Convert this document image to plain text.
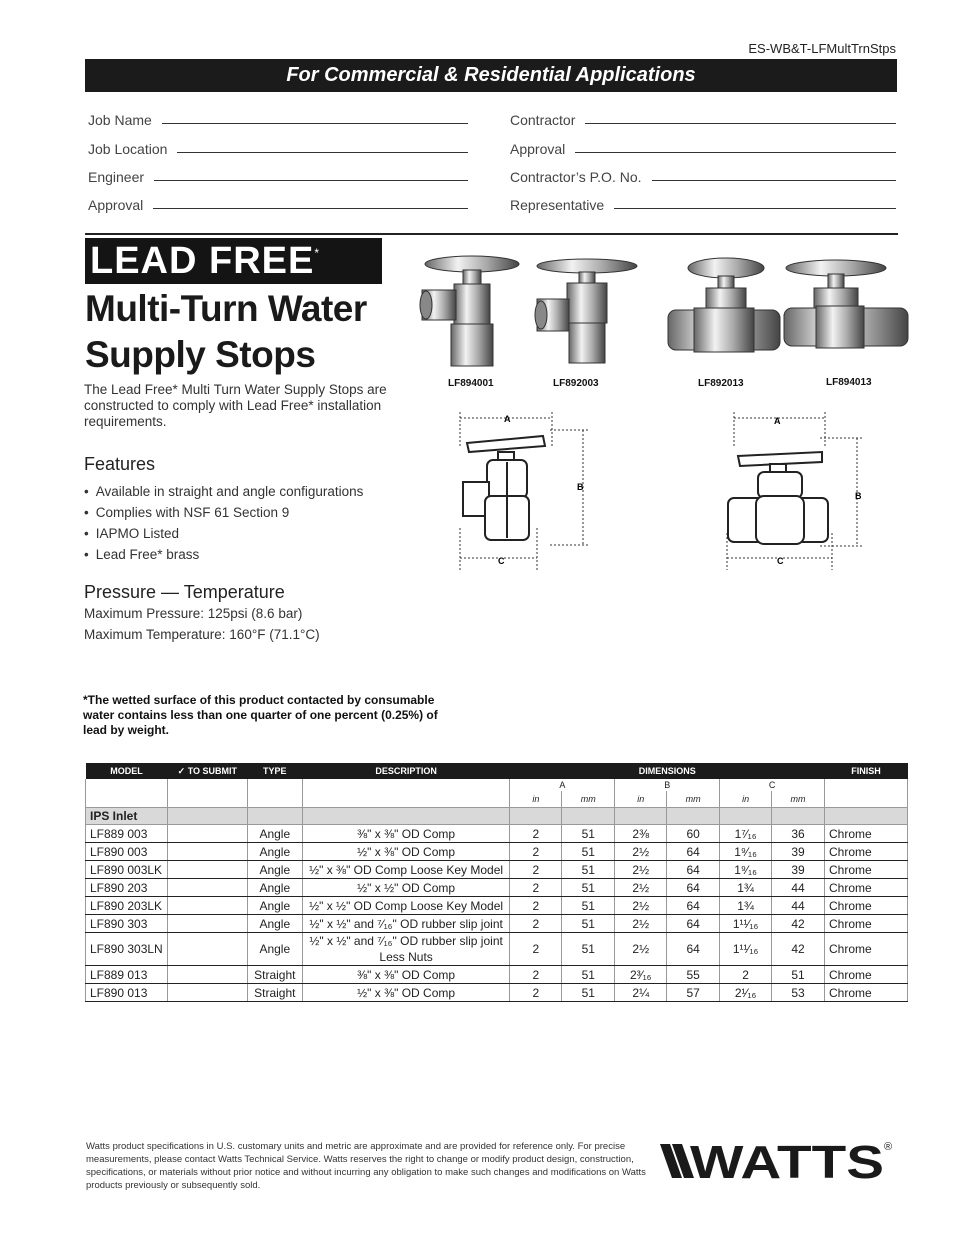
ES-WB&T-LFMultTrnStps
For Commercial & Residential Applications
Job Name
Job Location
Engineer
Approval
Contractor
Approval
Contractor’s P.O. No.
Representative
LEAD FREE*
Multi-Turn Water
Supply Stops
The Lead Free* Multi Turn Water Supply Stops are constructed to comply with Lead Free* installation requirements.
Features
• Available in straight and angle configurations
• Complies with NSF 61 Section 9
• IAPMO Listed
• Lead Free* brass
Pressure — Temperature
Maximum Pressure: 125psi (8.6 bar)
Maximum Temperature: 160°F (71.1°C)
*The wetted surface of this product contacted by consumable water contains less than one quarter of one percent (0.25%) of lead by weight.
LF894001	LF892003	LF892013	LF894013
A
B
C
A
B
C
MODEL	✓ TO SUBMIT	TYPE	DESCRIPTION	DIMENSIONS						FINISH
				A		B		C		
				in	mm	in	mm	in	mm	
IPS Inlet										
LF889 003		Angle	⅜" x ⅜" OD Comp	2	51	2⅜	60	1⁷⁄₁₆	36	Chrome
LF890 003		Angle	½" x ⅜" OD Comp	2	51	2½	64	1⁹⁄₁₆	39	Chrome
LF890 003LK		Angle	½" x ⅜" OD Comp Loose Key Model	2	51	2½	64	1⁹⁄₁₆	39	Chrome
LF890 203		Angle	½" x ½" OD Comp	2	51	2½	64	1¾	44	Chrome
LF890 203LK		Angle	½" x ½" OD Comp Loose Key Model	2	51	2½	64	1¾	44	Chrome
LF890 303		Angle	½" x ½" and ⁷⁄₁₆" OD rubber slip joint	2	51	2½	64	1¹¹⁄₁₆	42	Chrome
LF890 303LN		Angle	½" x ½" and ⁷⁄₁₆" OD rubber slip joint
Less Nuts	2	51	2½	64	1¹¹⁄₁₆	42	Chrome
LF889 013		Straight	⅜" x ⅜" OD Comp	2	51	2³⁄₁₆	55	2	51	Chrome
LF890 013		Straight	½" x ⅜" OD Comp	2	51	2¼	57	2¹⁄₁₆	53	Chrome
Watts product specifications in U.S. customary units and metric are approximate and are provided for reference only. For precise measurements, please contact Watts Technical Service. Watts reserves the right to change or modify product design, construction, specifications, or materials without prior notice and without incurring any obligation to make such changes and modifications on Watts products previously or subsequently sold.	WATTS ®
